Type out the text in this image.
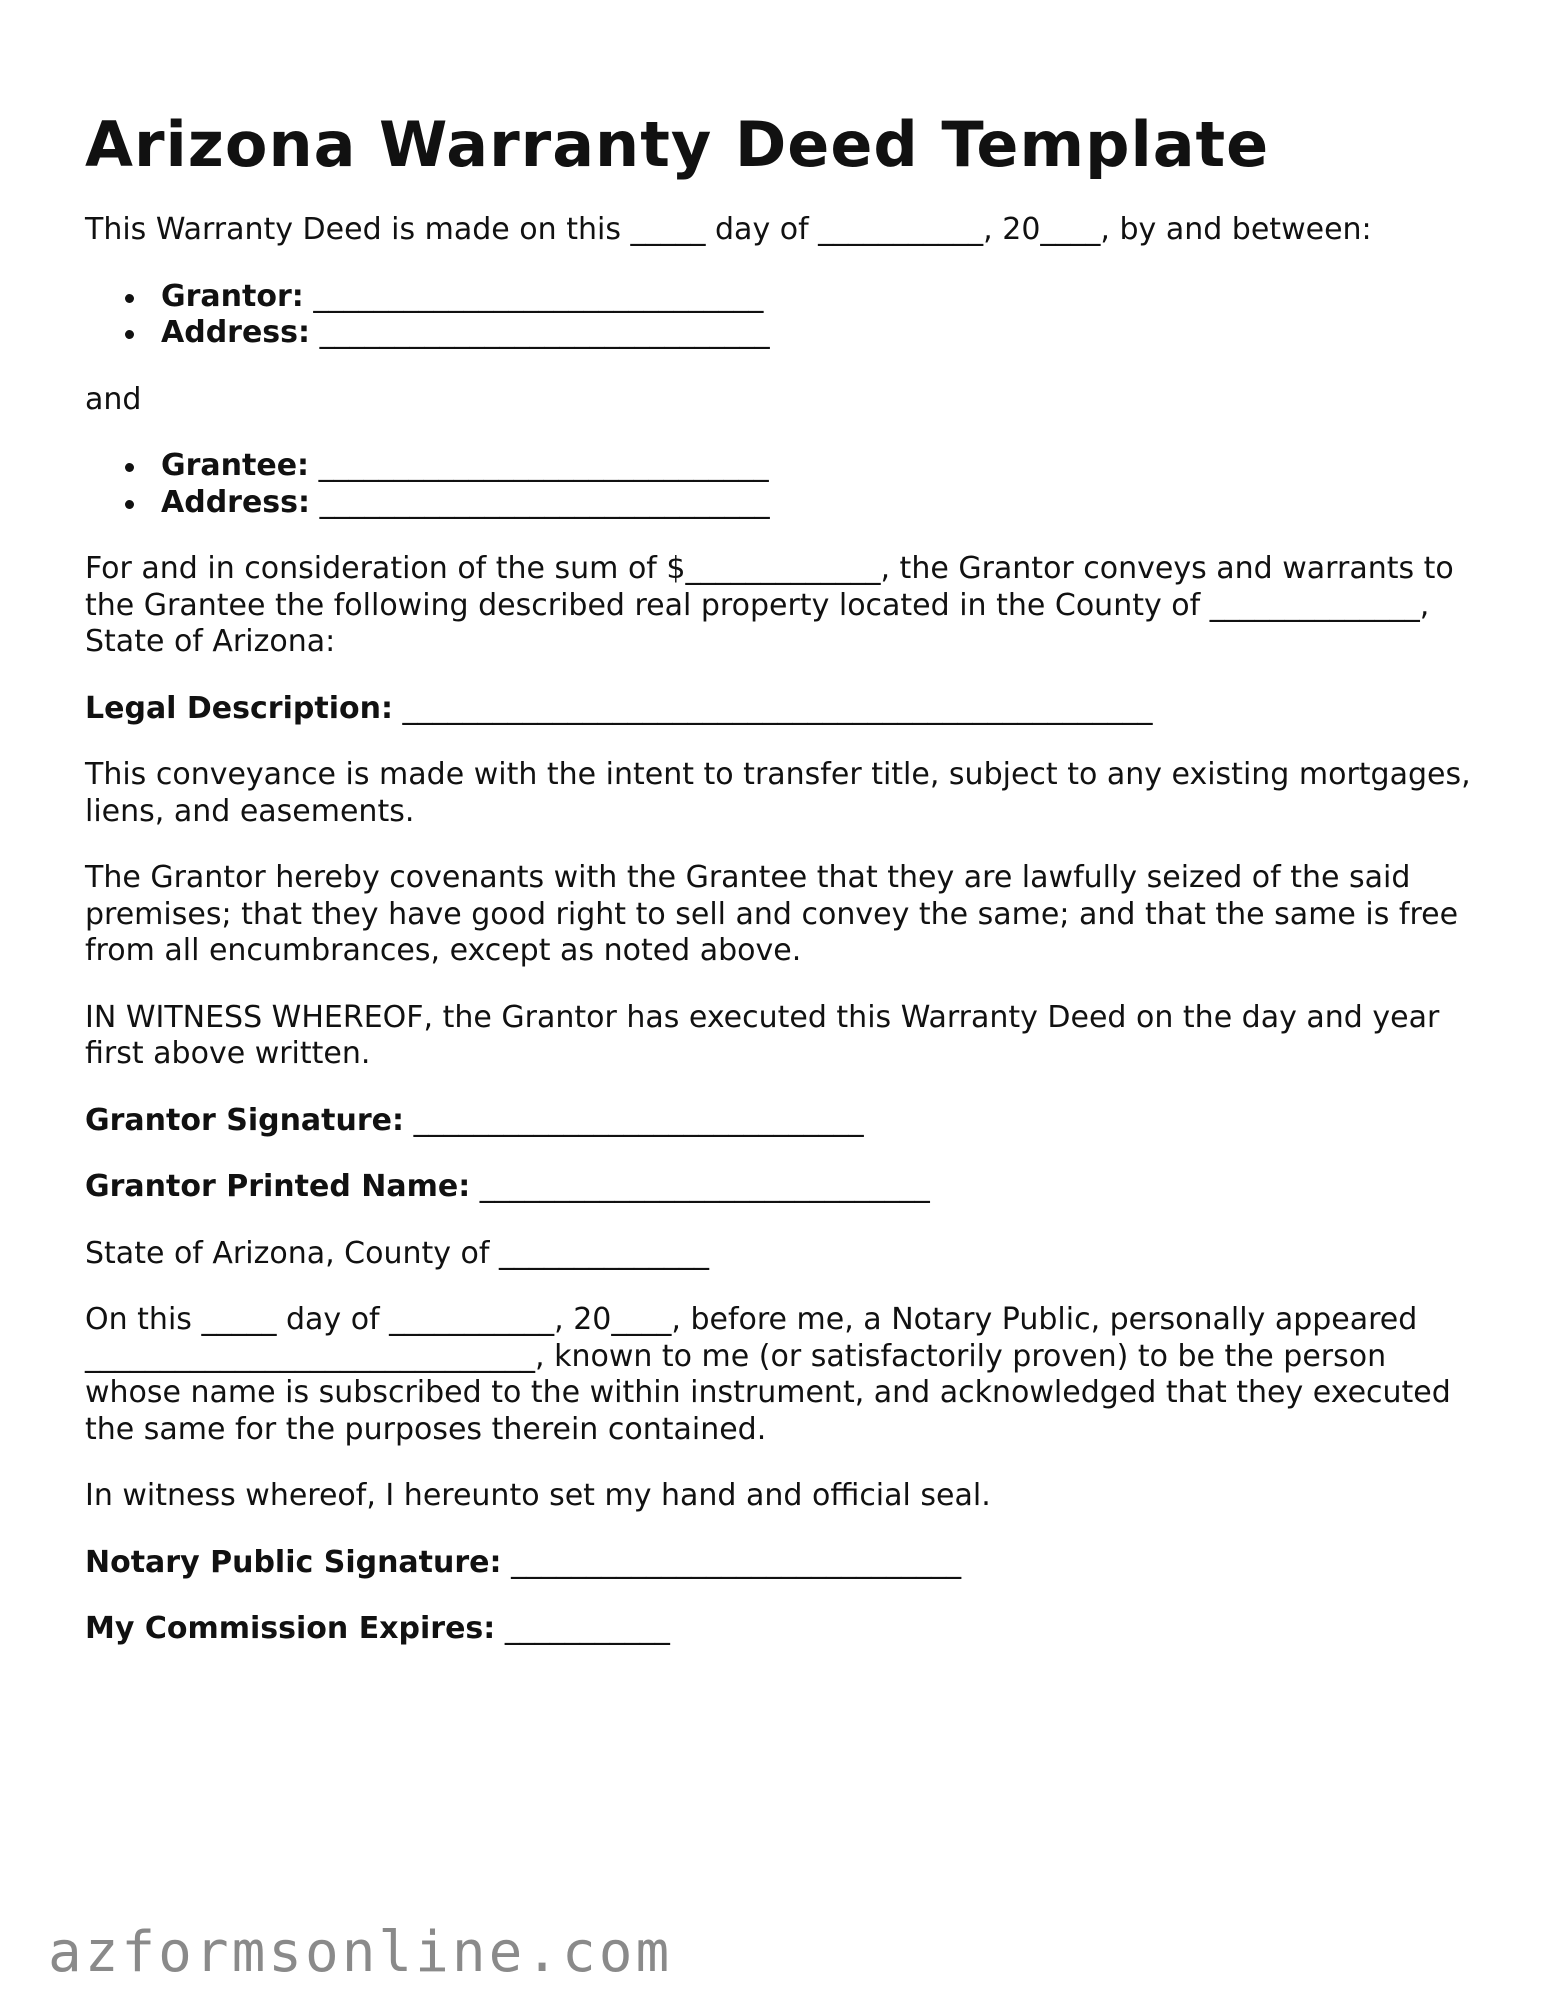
Arizona Warranty Deed Template

This Warranty Deed is made on this _____ day of ___________, 20____, by and between:

Grantor: ______________________________
Address: ______________________________

and

Grantee: ______________________________
Address: ______________________________

For and in consideration of the sum of $_____________, the Grantor conveys and warrants to the Grantee the following described real property located in the County of ______________, State of Arizona:

Legal Description: __________________________________________________

This conveyance is made with the intent to transfer title, subject to any existing mortgages, liens, and easements.

The Grantor hereby covenants with the Grantee that they are lawfully seized of the said premises; that they have good right to sell and convey the same; and that the same is free from all encumbrances, except as noted above.

IN WITNESS WHEREOF, the Grantor has executed this Warranty Deed on the day and year first above written.

Grantor Signature: ______________________________

Grantor Printed Name: ______________________________

State of Arizona, County of ______________

On this _____ day of ___________, 20____, before me, a Notary Public, personally appeared ______________________________, known to me (or satisfactorily proven) to be the person whose name is subscribed to the within instrument, and acknowledged that they executed the same for the purposes therein contained.

In witness whereof, I hereunto set my hand and official seal.

Notary Public Signature: ______________________________

My Commission Expires: ___________

azformsonline.com
